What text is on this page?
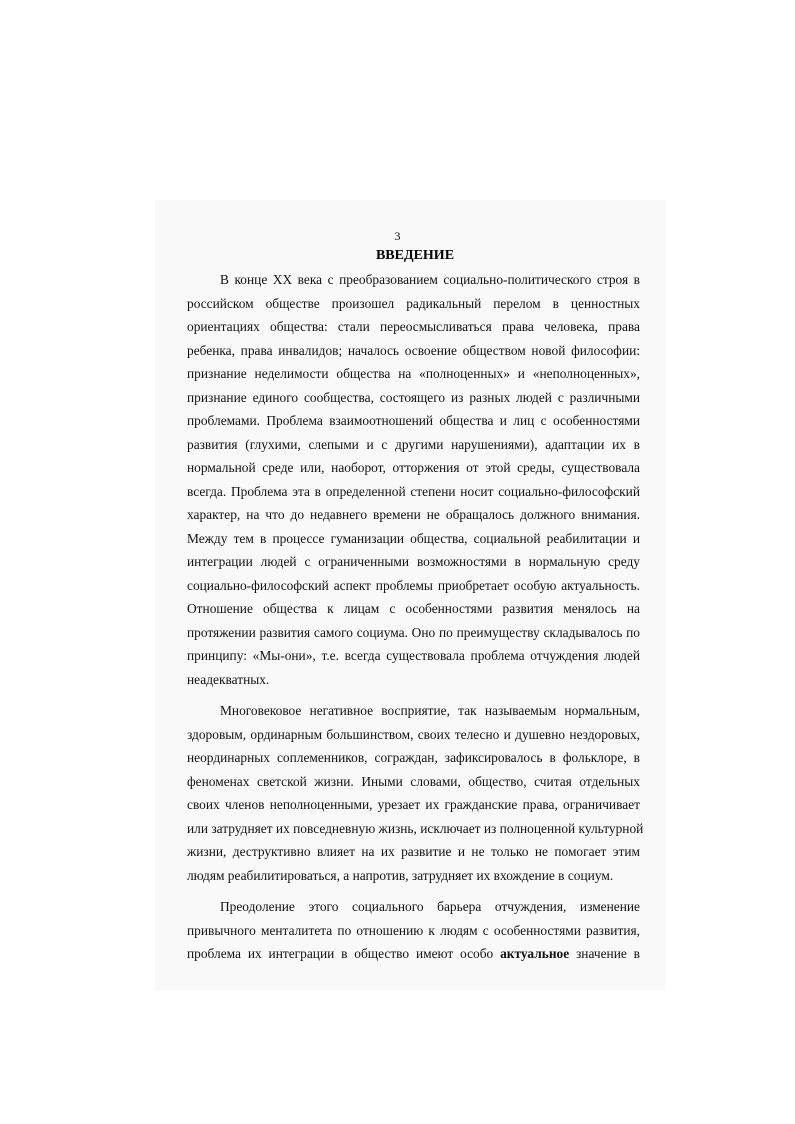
3
ВВЕДЕНИЕ
В конце XX века с преобразованием социально-политического строя в
российском обществе произошел радикальный перелом в ценностных
ориентациях общества: стали переосмысливаться права человека, права
ребенка, права инвалидов; началось освоение обществом новой философии:
признание неделимости общества на «полноценных» и «неполноценных»,
признание единого сообщества, состоящего из разных людей с различными
проблемами. Проблема взаимоотношений общества и лиц с особенностями
развития (глухими, слепыми и с другими нарушениями), адаптации их в
нормальной среде или, наоборот, отторжения от этой среды, существовала
всегда. Проблема эта в определенной степени носит социально-философский
характер, на что до недавнего времени не обращалось должного внимания.
Между тем в процессе гуманизации общества, социальной реабилитации и
интеграции людей с ограниченными возможностями в нормальную среду
социально-философский аспект проблемы приобретает особую актуальность.
Отношение общества к лицам с особенностями развития менялось на
протяжении развития самого социума. Оно по преимуществу складывалось по
принципу: «Мы-они», т.е. всегда существовала проблема отчуждения людей
неадекватных.
Многовековое негативное восприятие, так называемым нормальным,
здоровым, ординарным большинством, своих телесно и душевно нездоровых,
неординарных соплеменников, сограждан, зафиксировалось в фольклоре, в
феноменах светской жизни. Иными словами, общество, считая отдельных
своих членов неполноценными, урезает их гражданские права, ограничивает
или затрудняет их повседневную жизнь, исключает из полноценной культурной
жизни, деструктивно влияет на их развитие и не только не помогает этим
людям реабилитироваться, а напротив, затрудняет их вхождение в социум.
Преодоление этого социального барьера отчуждения, изменение
привычного менталитета по отношению к людям с особенностями развития,
проблема их интеграции в общество имеют особо актуальное значение в
